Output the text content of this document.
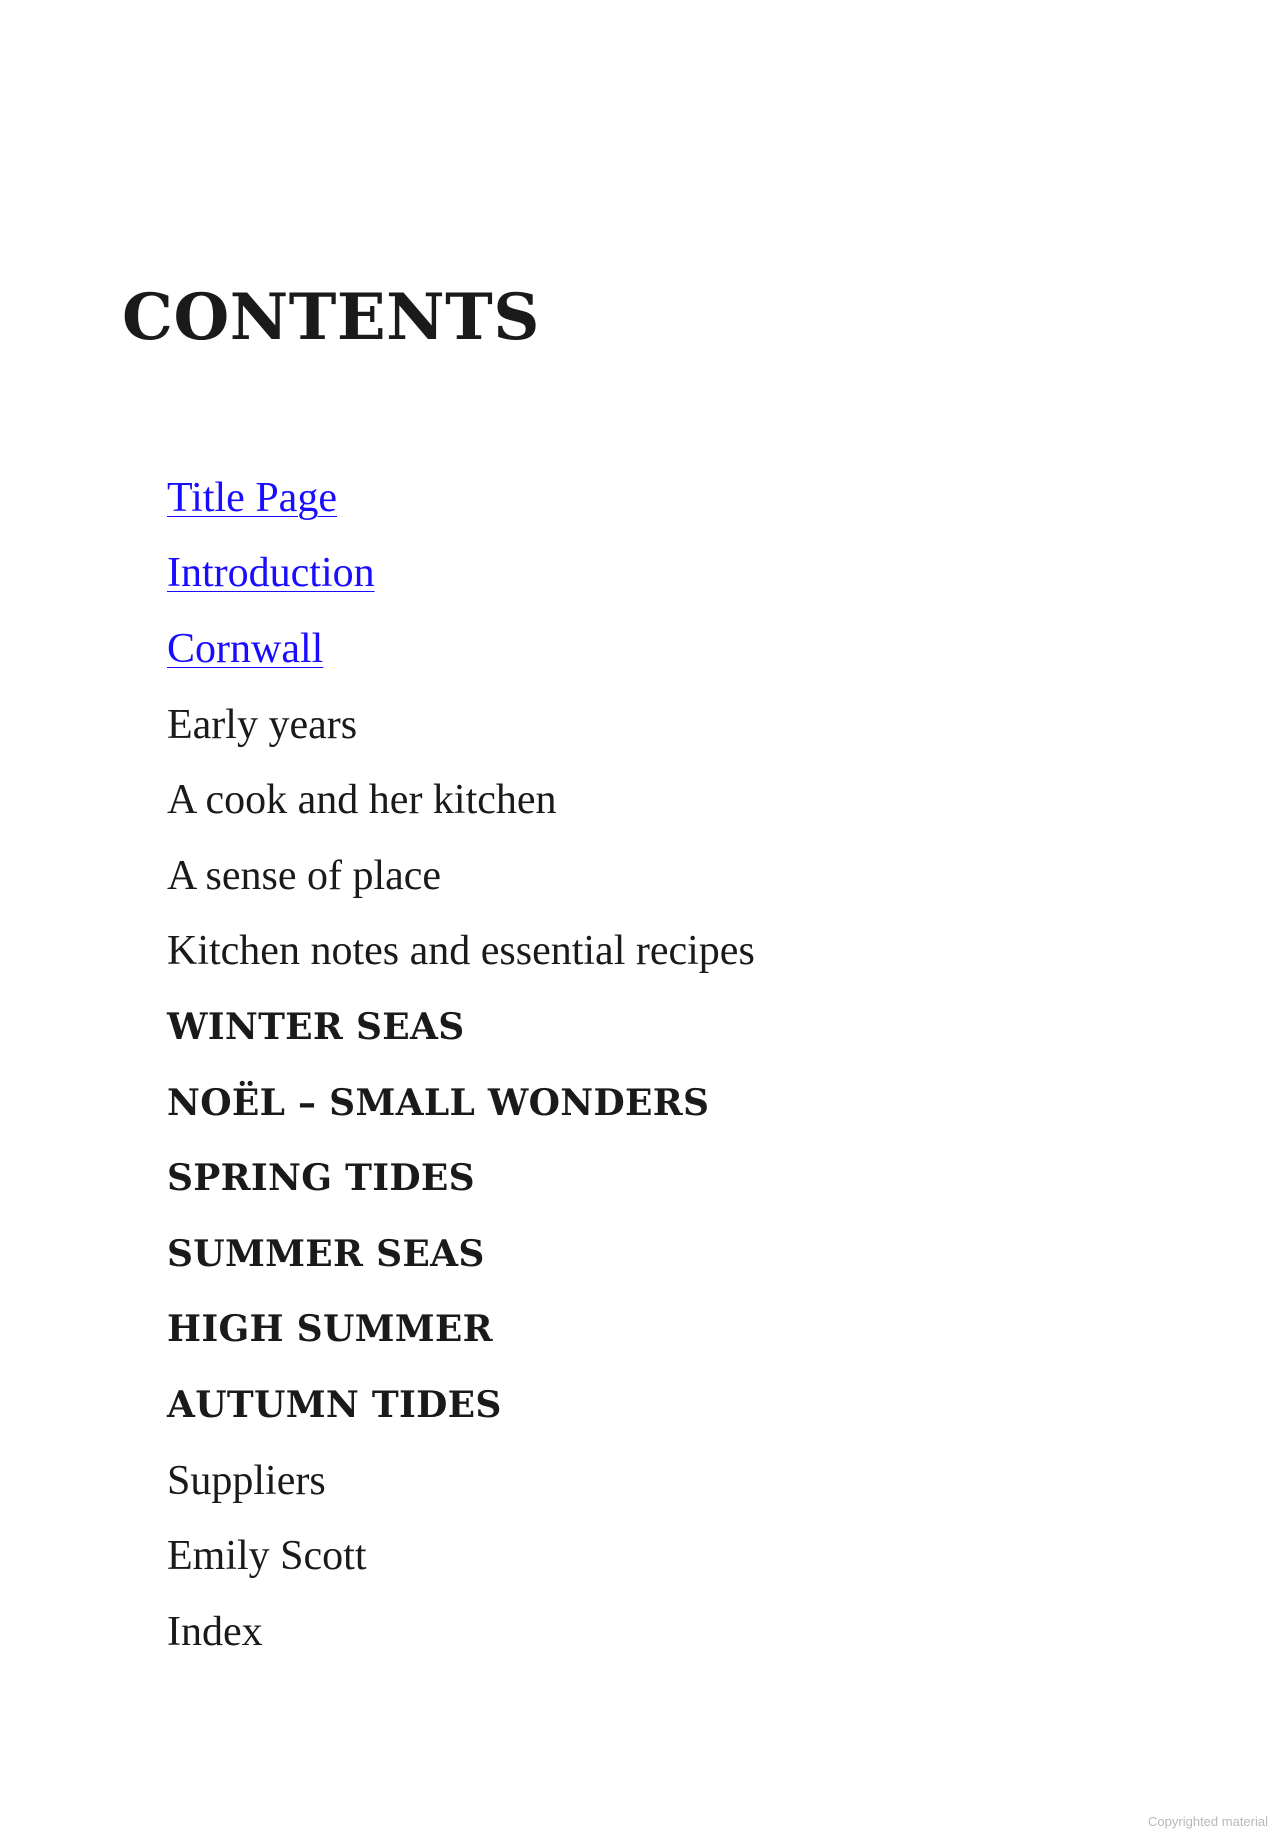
CONTENTS
Title Page
Introduction
Cornwall
Early years
A cook and her kitchen
A sense of place
Kitchen notes and essential recipes
WINTER SEAS
NOËL – SMALL WONDERS
SPRING TIDES
SUMMER SEAS
HIGH SUMMER
AUTUMN TIDES
Suppliers
Emily Scott
Index
Copyrighted material
